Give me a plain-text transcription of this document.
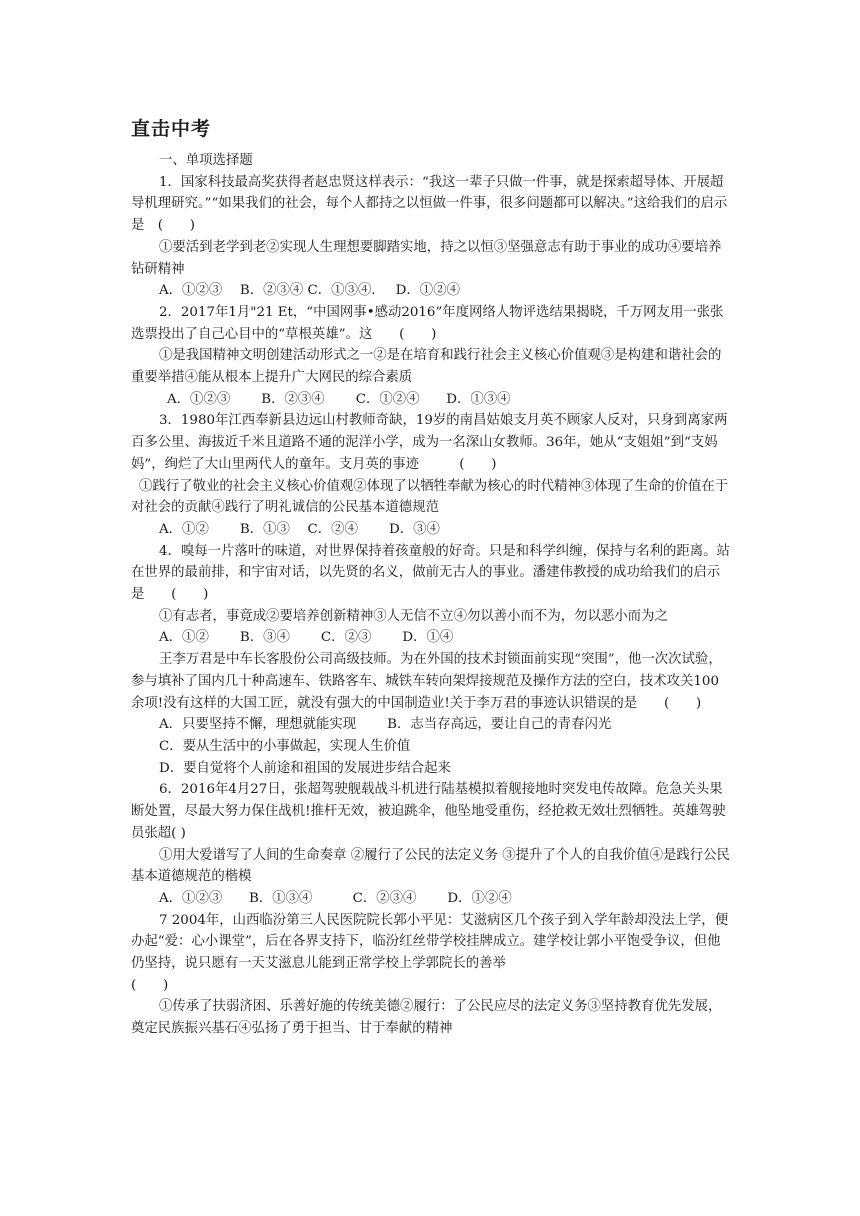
直击中考

一、单项选择题

1．国家科技最高奖获得者赵忠贤这样表示：“我这一辈子只做一件事，就是探索超导体、开展超导机理研究。”“如果我们的社会，每个人都持之以恒做一件事，很多问题都可以解决。”这给我们的启示是　(　　)

①要活到老学到老②实现人生理想要脚踏实地，持之以恒③坚强意志有助于事业的成功④要培养钻研精神

A．①②③　 B．②③④ C．①③④．　 D．①②④

2．2017年1月"21 Et，“中国网事•感动2016”年度网络人物评选结果揭晓，千万网友用一张张选票投出了自己心目中的“草根英雄”。这　　(　　)

①是我国精神文明创建活动形式之一②是在培育和践行社会主义核心价值观③是构建和谐社会的重要举措④能从根本上提升广大网民的综合素质

A．①②③　　 B．②③④　　 C．①②④　　D．①③④

3．1980年江西奉新县边远山村教师奇缺，19岁的南昌姑娘支月英不顾家人反对，只身到离家两百多公里、海拔近千米且道路不通的泥洋小学，成为一名深山女教师。36年，她从“支姐姐”到“支妈妈”，绚烂了大山里两代人的童年。支月英的事迹　　　(　　)

①践行了敬业的社会主义核心价值观②体现了以牺牲奉献为核心的时代精神③体现了生命的价值在于对社会的贡献④践行了明礼诚信的公民基本道德规范

A．①②　　 B．①③　 C．②④　　 D．③④

4．嗅每一片落叶的味道，对世界保持着孩童般的好奇。只是和科学纠缠，保持与名利的距离。站在世界的最前排，和宇宙对话，以先贤的名义，做前无古人的事业。潘建伟教授的成功给我们的启示是　　(　　)

①有志者，事竟成②要培养创新精神③人无信不立④勿以善小而不为，勿以恶小而为之

A．①②　　 B．③④　　 C．②③　　 D．①④

王李万君是中车长客股份公司高级技师。为在外国的技术封锁面前实现“突围”，他一次次试验，参与填补了国内几十种高速车、铁路客车、城铁车转向架焊接规范及操作方法的空白，技术攻关100余项!没有这样的大国工匠，就没有强大的中国制造业!关于李万君的事迹认识错误的是　　(　　)

A．只要坚持不懈，理想就能实现　　 B．志当存高远，要让自己的青春闪光

C．要从生活中的小事做起，实现人生价值

D．要自觉将个人前途和祖国的发展进步结合起来

6．2016年4月27日，张超驾驶舰载战斗机进行陆基模拟着舰接地时突发电传故障。危急关头果断处置，尽最大努力保住战机!推杆无效，被迫跳伞，他坠地受重伤，经抢救无效壮烈牺牲。英雄驾驶员张超( )

①用大爱谱写了人间的生命奏章 ②履行了公民的法定义务 ③提升了个人的自我价值④是践行公民基本道德规范的楷模

A．①②③　　B．①③④　　　C．②③④　　 D．①②④

7 2004年，山西临汾第三人民医院院长郭小平见：艾滋病区几个孩子到入学年龄却没法上学，便办起“爱：心小课堂”，后在各界支持下，临汾红丝带学校挂牌成立。建学校让郭小平饱受争议，但他仍坚持，说只愿有一天艾滋息儿能到正常学校上学郭院长的善举

(　　)

①传承了扶弱济困、乐善好施的传统美德②履行：了公民应尽的法定义务③坚持教育优先发展，奠定民族振兴基石④弘扬了勇于担当、甘于奉献的精神
